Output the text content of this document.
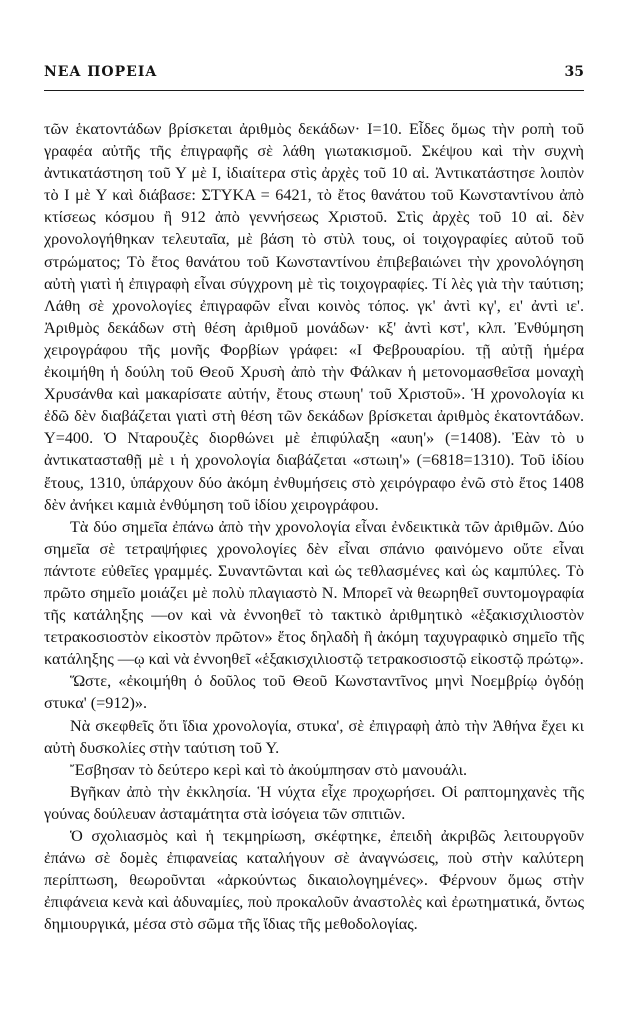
ΝΕΑ ΠΟΡΕΙΑ	35

τῶν ἑκατοντάδων βρίσκεται ἀριθμὸς δεκάδων· Ι=10. Εἶδες ὅμως τὴν ροπὴ τοῦ γραφέα αὐτῆς τῆς ἐπιγραφῆς σὲ λάθη γιωτακισμοῦ. Σκέψου καὶ τὴν συχνὴ ἀντικατάστηση τοῦ Υ μὲ Ι, ἰδιαίτερα στὶς ἀρχὲς τοῦ 10 αἰ. Ἀντικατάστησε λοιπὸν τὸ Ι μὲ Υ καὶ διάβασε: ΣΤΥΚΑ = 6421, τὸ ἔτος θανάτου τοῦ Κωνσταντίνου ἀπὸ κτίσεως κόσμου ἢ 912 ἀπὸ γεννήσεως Χριστοῦ. Στὶς ἀρχὲς τοῦ 10 αἰ. δὲν χρονολογήθηκαν τελευταῖα, μὲ βάση τὸ στὺλ τους, οἱ τοιχογραφίες αὐτοῦ τοῦ στρώματος; Τὸ ἔτος θανάτου τοῦ Κωνσταντίνου ἐπιβεβαιώνει τὴν χρονολόγηση αὐτὴ γιατὶ ἡ ἐπιγραφὴ εἶναι σύγχρονη μὲ τὶς τοιχογραφίες. Τί λὲς γιὰ τὴν ταύτιση; Λάθη σὲ χρονολογίες ἐπιγραφῶν εἶναι κοινὸς τόπος. γκ' ἀντὶ κγ', ει' ἀντὶ ιε'. Ἀριθμὸς δεκάδων στὴ θέση ἀριθμοῦ μονάδων· κξ' ἀντὶ κστ', κλπ. Ἐνθύμηση χειρογράφου τῆς μονῆς Φορβίων γράφει: «Ι Φεβρουαρίου. τῇ αὐτῇ ἡμέρα ἐκοιμήθη ἡ δούλη τοῦ Θεοῦ Χρυσὴ ἀπὸ τὴν Φάλκαν ἡ μετονομασθεῖσα μοναχὴ Χρυσάνθα καὶ μακαρίσατε αὐτήν, ἔτους στωυη' τοῦ Χριστοῦ». Ἡ χρονολογία κι ἐδῶ δὲν διαβάζεται γιατὶ στὴ θέση τῶν δεκάδων βρίσκεται ἀριθμὸς ἑκατοντάδων. Υ=400. Ὁ Νταρουζὲς διορθώνει μὲ ἐπιφύλαξη «αυη'» (=1408). Ἐὰν τὸ υ ἀντικατασταθῇ μὲ ι ἡ χρονολογία διαβάζεται «στωιη'» (=6818=1310). Τοῦ ἰδίου ἔτους, 1310, ὑπάρχουν δύο ἀκόμη ἐνθυμήσεις στὸ χειρόγραφο ἐνῶ στὸ ἔτος 1408 δὲν ἀνήκει καμιὰ ἐνθύμηση τοῦ ἰδίου χειρογράφου.

Τὰ δύο σημεῖα ἐπάνω ἀπὸ τὴν χρονολογία εἶναι ἐνδεικτικὰ τῶν ἀριθμῶν. Δύο σημεῖα σὲ τετραψήφιες χρονολογίες δὲν εἶναι σπάνιο φαινόμενο οὔτε εἶναι πάντοτε εὐθεῖες γραμμές. Συναντῶνται καὶ ὡς τεθλασμένες καὶ ὡς καμπύλες. Τὸ πρῶτο σημεῖο μοιάζει μὲ πολὺ πλαγιαστὸ Ν. Μπορεῖ νὰ θεωρηθεῖ συντομογραφία τῆς κατάληξης —ον καὶ νὰ ἐννοηθεῖ τὸ τακτικὸ ἀριθμητικὸ «ἑξακισχιλιοστὸν τετρακοσιοστὸν εἰκοστὸν πρῶτον» ἔτος δηλαδὴ ἢ ἀκόμη ταχυγραφικὸ σημεῖο τῆς κατάληξης —ῳ καὶ νὰ ἐννοηθεῖ «ἑξακισχιλιοστῷ τετρακοσιοστῷ εἰκοστῷ πρώτῳ».

Ὥστε, «ἐκοιμήθη ὁ δοῦλος τοῦ Θεοῦ Κωνσταντῖνος μηνὶ Νοεμβρίῳ ὀγδόῃ στυκα' (=912)».

Νὰ σκεφθεῖς ὅτι ἴδια χρονολογία, στυκα', σὲ ἐπιγραφὴ ἀπὸ τὴν Ἀθήνα ἔχει κι αὐτὴ δυσκολίες στὴν ταύτιση τοῦ Υ.

Ἔσβησαν τὸ δεύτερο κερὶ καὶ τὸ ἀκούμπησαν στὸ μανουάλι.

Βγῆκαν ἀπὸ τὴν ἐκκλησία. Ἡ νύχτα εἶχε προχωρήσει. Οἱ ραπτομηχανὲς τῆς γούνας δούλευαν ἀσταμάτητα στὰ ἰσόγεια τῶν σπιτιῶν.

Ὁ σχολιασμὸς καὶ ἡ τεκμηρίωση, σκέφτηκε, ἐπειδὴ ἀκριβῶς λειτουργοῦν ἐπάνω σὲ δομὲς ἐπιφανείας καταλήγουν σὲ ἀναγνώσεις, ποὺ στὴν καλύτερη περίπτωση, θεωροῦνται «ἀρκούντως δικαιολογημένες». Φέρνουν ὅμως στὴν ἐπιφάνεια κενὰ καὶ ἀδυναμίες, ποὺ προκαλοῦν ἀναστολὲς καὶ ἐρωτηματικά, ὄντως δημιουργικά, μέσα στὸ σῶμα τῆς ἴδιας τῆς μεθοδολογίας.
